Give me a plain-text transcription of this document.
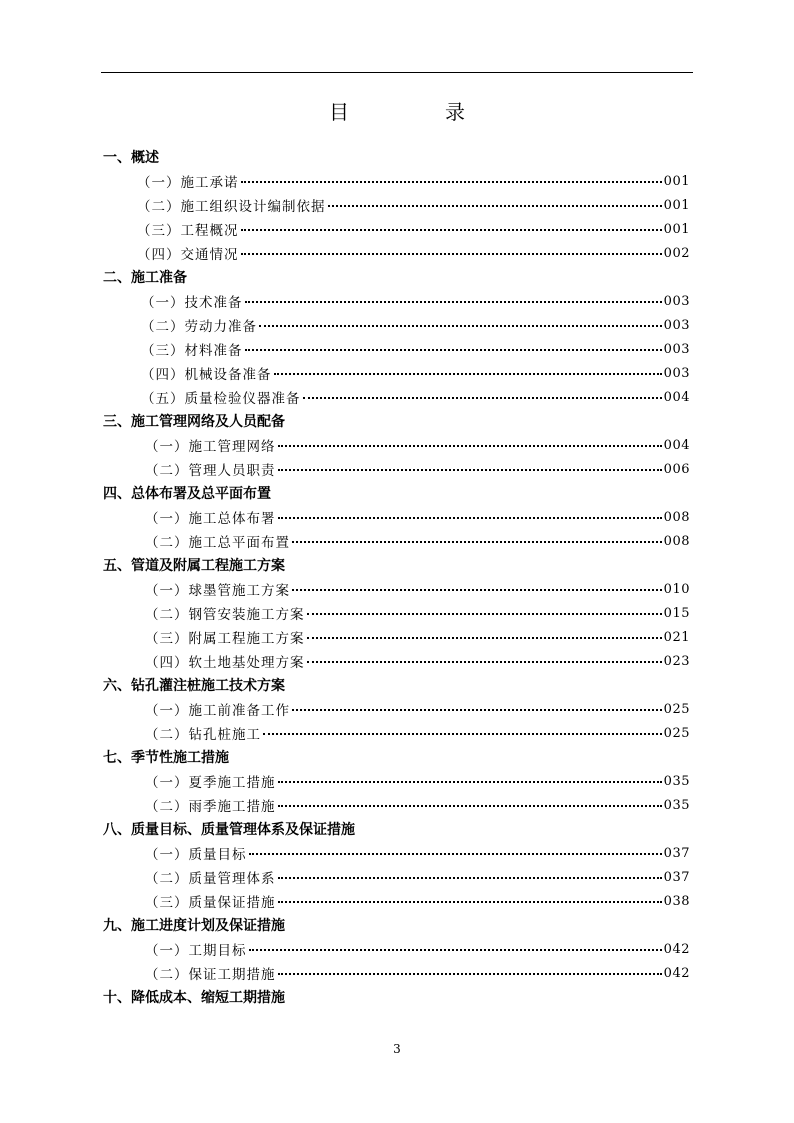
目　录
一、概述
（一）施工承诺	001
（二）施工组织设计编制依据	001
（三）工程概况	001
（四）交通情况	002
二、施工准备
（一）技术准备	003
（二）劳动力准备	003
（三）材料准备	003
（四）机械设备准备	003
（五）质量检验仪器准备	004
三、施工管理网络及人员配备
（一）施工管理网络	004
（二）管理人员职责	006
四、总体布署及总平面布置
（一）施工总体布署	008
（二）施工总平面布置	008
五、管道及附属工程施工方案
（一）球墨管施工方案	010
（二）钢管安装施工方案	015
（三）附属工程施工方案	021
（四）软土地基处理方案	023
六、钻孔灌注桩施工技术方案
（一）施工前准备工作	025
（二）钻孔桩施工	025
七、季节性施工措施
（一）夏季施工措施	035
（二）雨季施工措施	035
八、质量目标、质量管理体系及保证措施
（一）质量目标	037
（二）质量管理体系	037
（三）质量保证措施	038
九、施工进度计划及保证措施
（一）工期目标	042
（二）保证工期措施	042
十、降低成本、缩短工期措施
3
